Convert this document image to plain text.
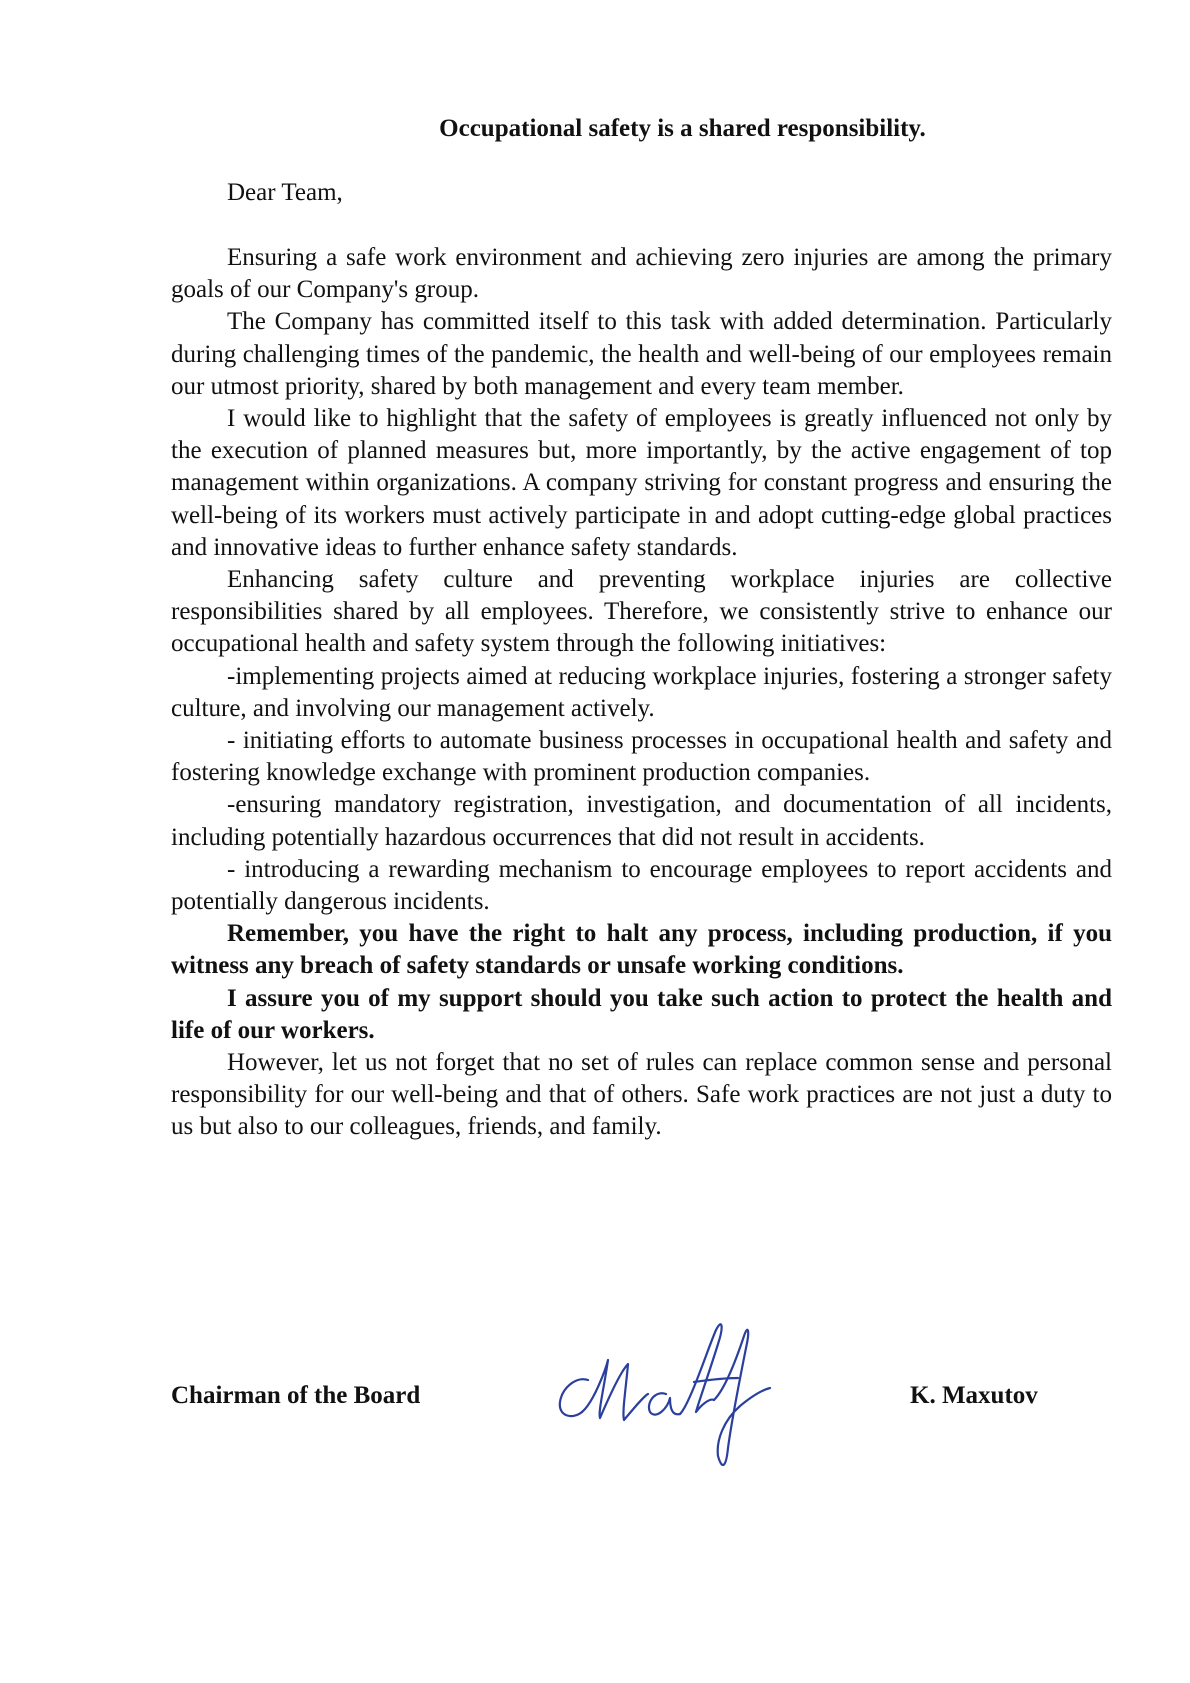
Occupational safety is a shared responsibility.
Dear Team,

Ensuring a safe work environment and achieving zero injuries are among the primary goals of our Company's group.

The Company has committed itself to this task with added determination. Particularly during challenging times of the pandemic, the health and well-being of our employees remain our utmost priority, shared by both management and every team member.

I would like to highlight that the safety of employees is greatly influenced not only by the execution of planned measures but, more importantly, by the active engagement of top management within organizations. A company striving for constant progress and ensuring the well-being of its workers must actively participate in and adopt cutting-edge global practices and innovative ideas to further enhance safety standards.

Enhancing safety culture and preventing workplace injuries are collective responsibilities shared by all employees. Therefore, we consistently strive to enhance our occupational health and safety system through the following initiatives:

-implementing projects aimed at reducing workplace injuries, fostering a stronger safety culture, and involving our management actively.

- initiating efforts to automate business processes in occupational health and safety and fostering knowledge exchange with prominent production companies.

-ensuring mandatory registration, investigation, and documentation of all incidents, including potentially hazardous occurrences that did not result in accidents.

- introducing a rewarding mechanism to encourage employees to report accidents and potentially dangerous incidents.

Remember, you have the right to halt any process, including production, if you witness any breach of safety standards or unsafe working conditions.

I assure you of my support should you take such action to protect the health and life of our workers.

However, let us not forget that no set of rules can replace common sense and personal responsibility for our well-being and that of others. Safe work practices are not just a duty to us but also to our colleagues, friends, and family.

Chairman of the Board	K. Maxutov
